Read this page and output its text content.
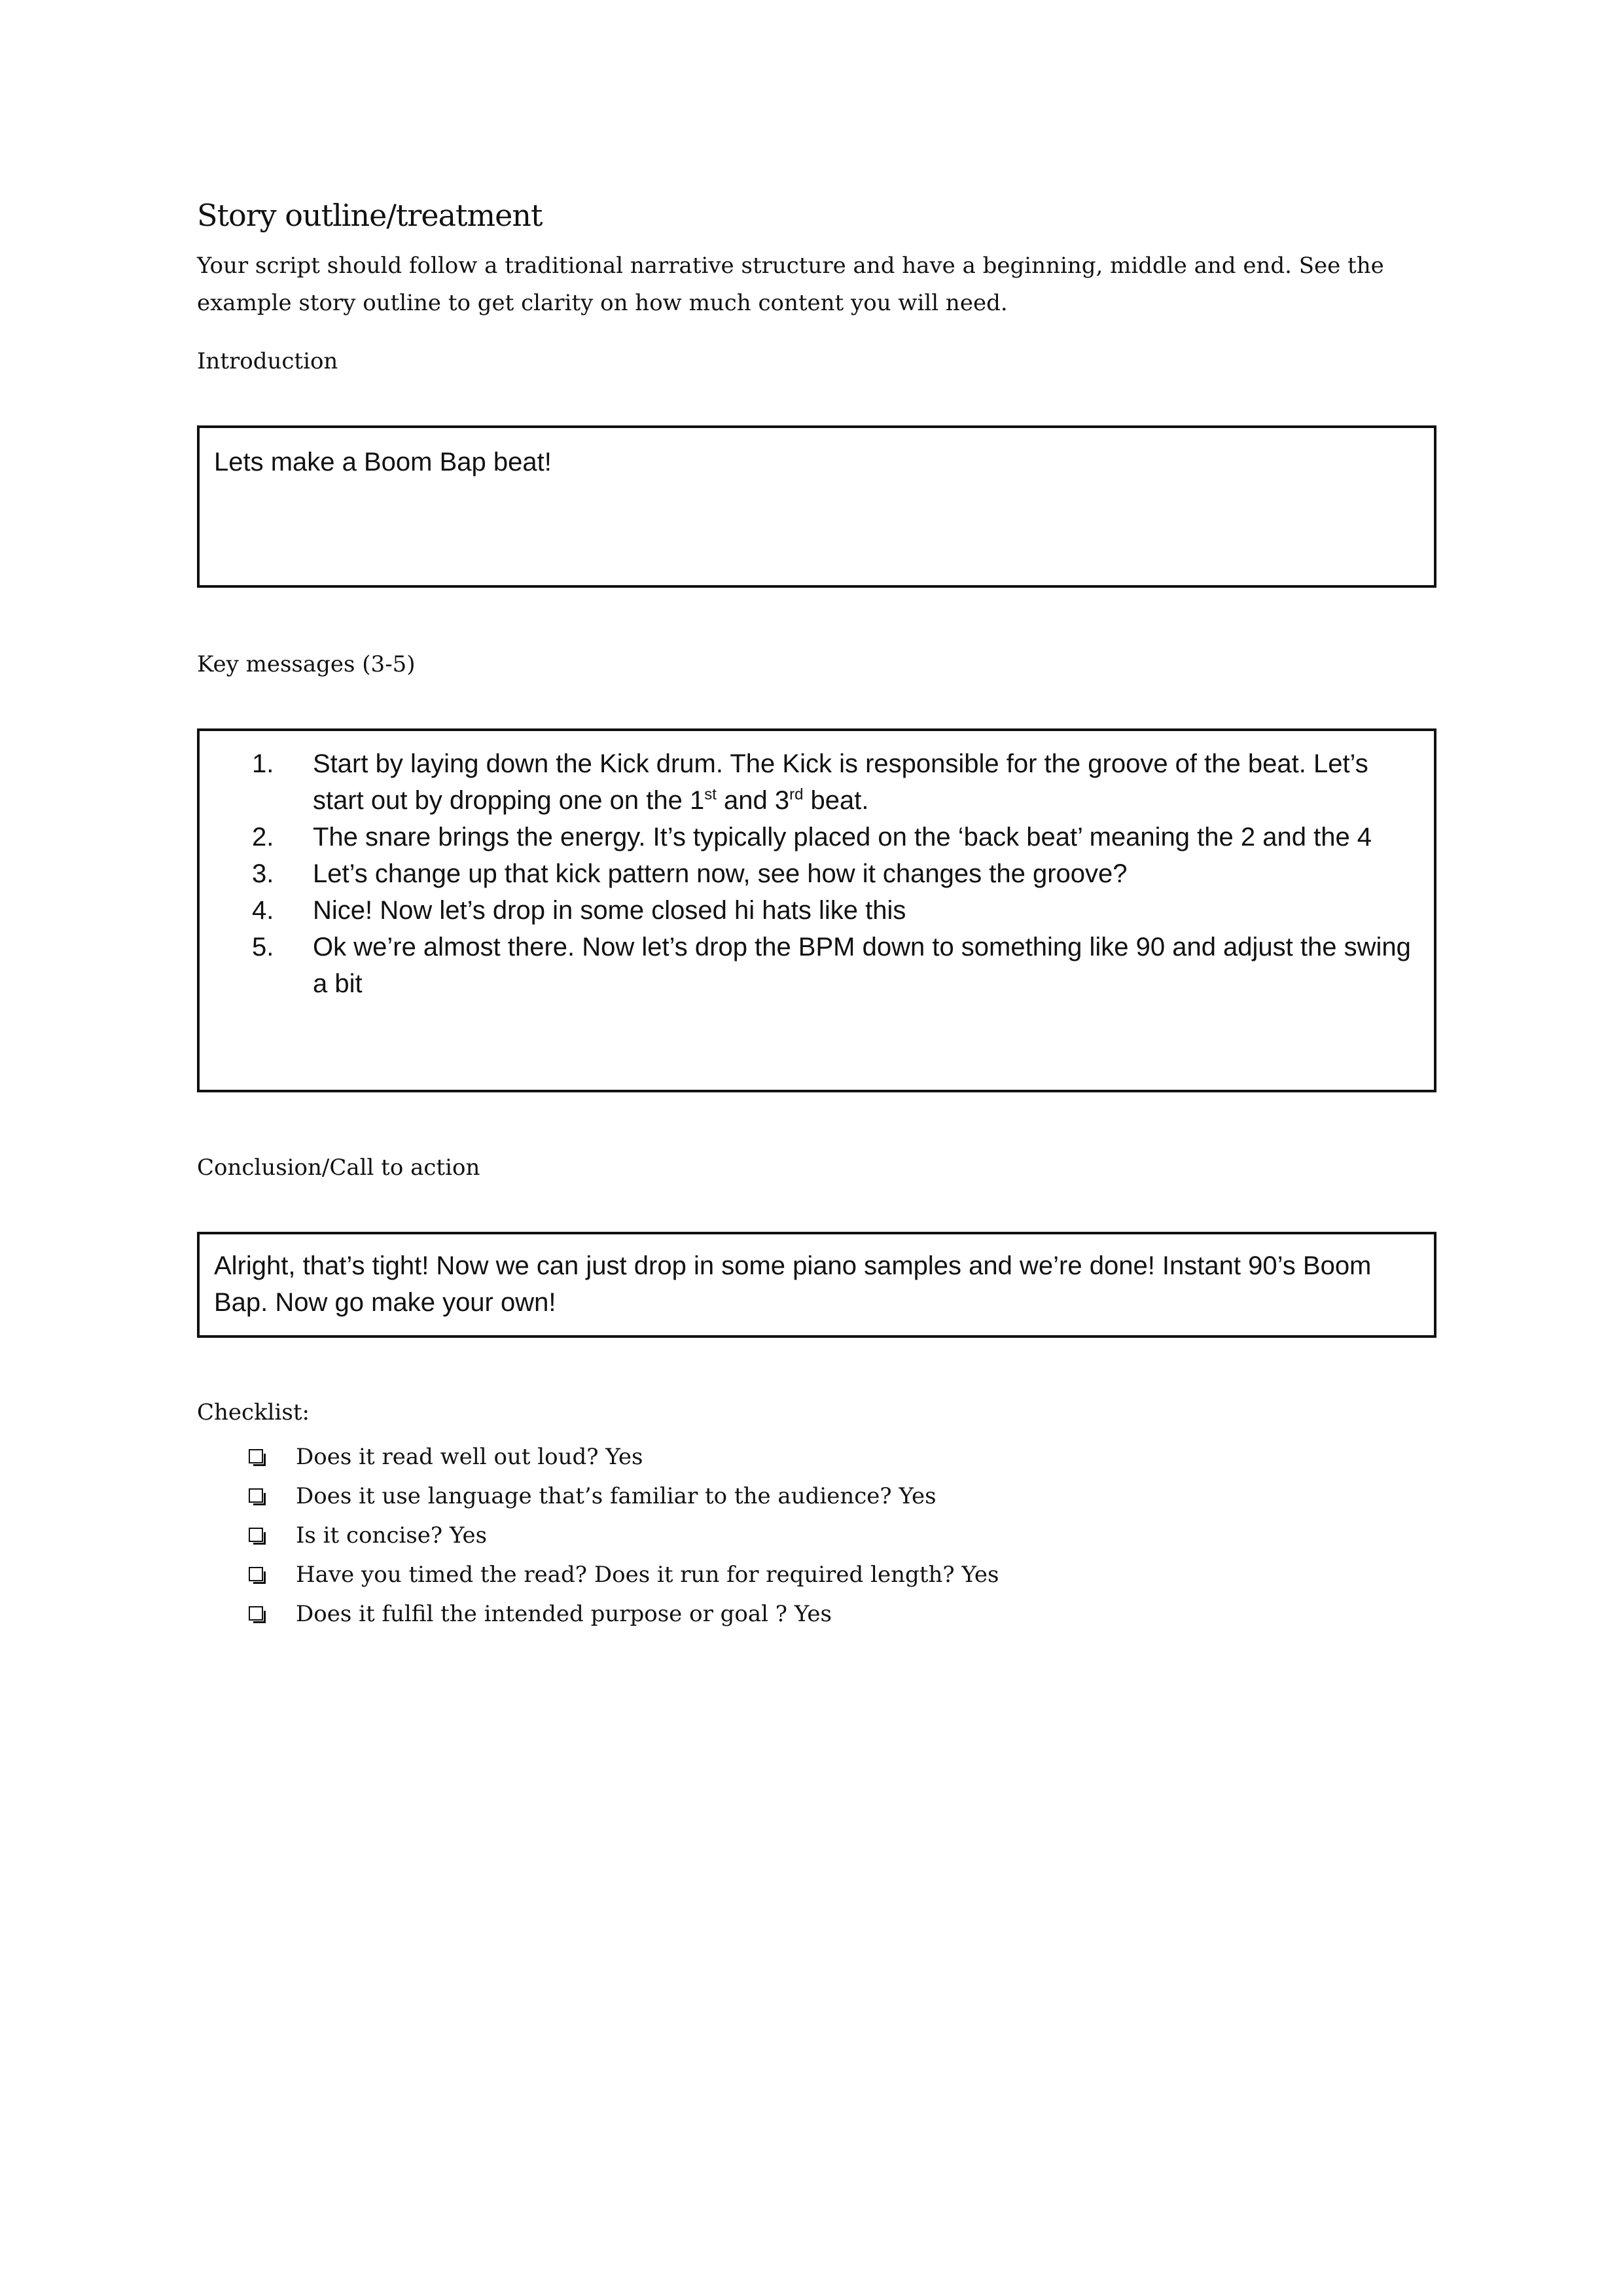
Story outline/treatment

Your script should follow a traditional narrative structure and have a beginning, middle and end. See the example story outline to get clarity on how much content you will need.

Introduction
Lets make a Boom Bap beat!
Key messages (3-5)
1. Start by laying down the Kick drum. The Kick is responsible for the groove of the beat. Let’s start out by dropping one on the 1st and 3rd beat.
2. The snare brings the energy. It’s typically placed on the ‘back beat’ meaning the 2 and the 4
3. Let’s change up that kick pattern now, see how it changes the groove?
4. Nice! Now let’s drop in some closed hi hats like this
5. Ok we’re almost there. Now let’s drop the BPM down to something like 90 and adjust the swing a bit
Conclusion/Call to action
Alright, that’s tight! Now we can just drop in some piano samples and we’re done! Instant 90’s Boom Bap. Now go make your own!
Checklist:
Does it read well out loud? Yes
Does it use language that’s familiar to the audience? Yes
Is it concise? Yes
Have you timed the read? Does it run for required length? Yes
Does it fulfil the intended purpose or goal ? Yes
